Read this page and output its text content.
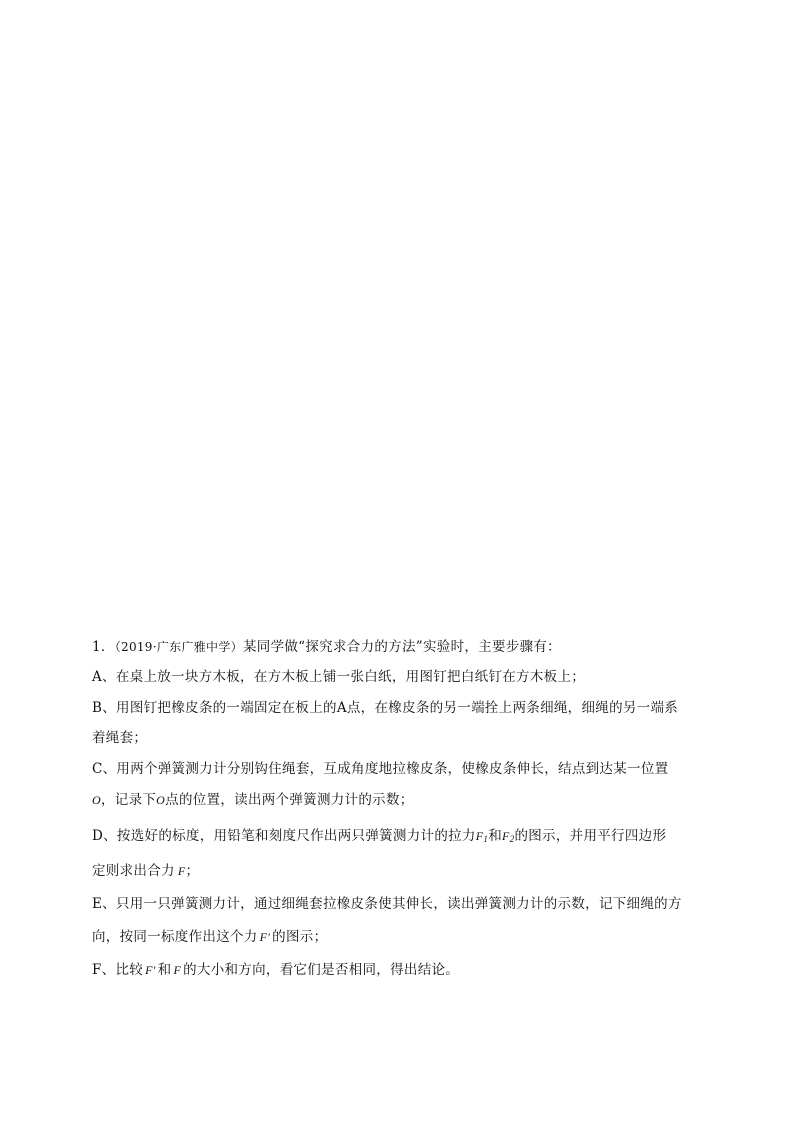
1．（2019·广东广雅中学）某同学做“探究求合力的方法”实验时，主要步骤有：
A、在桌上放一块方木板，在方木板上铺一张白纸，用图钉把白纸钉在方木板上；
B、用图钉把橡皮条的一端固定在板上的A点，在橡皮条的另一端拴上两条细绳，细绳的另一端系
着绳套；
C、用两个弹簧测力计分别钩住绳套，互成角度地拉橡皮条，使橡皮条伸长，结点到达某一位置
O，记录下O点的位置，读出两个弹簧测力计的示数；
D、按选好的标度，用铅笔和刻度尺作出两只弹簧测力计的拉力$F_1$和$F_2$的图示，并用平行四边形
定则求出合力 F；
E、只用一只弹簧测力计，通过细绳套拉橡皮条使其伸长，读出弹簧测力计的示数，记下细绳的方
向，按同一标度作出这个力 F′ 的图示；
F、比较 F′ 和 F 的大小和方向，看它们是否相同，得出结论。
